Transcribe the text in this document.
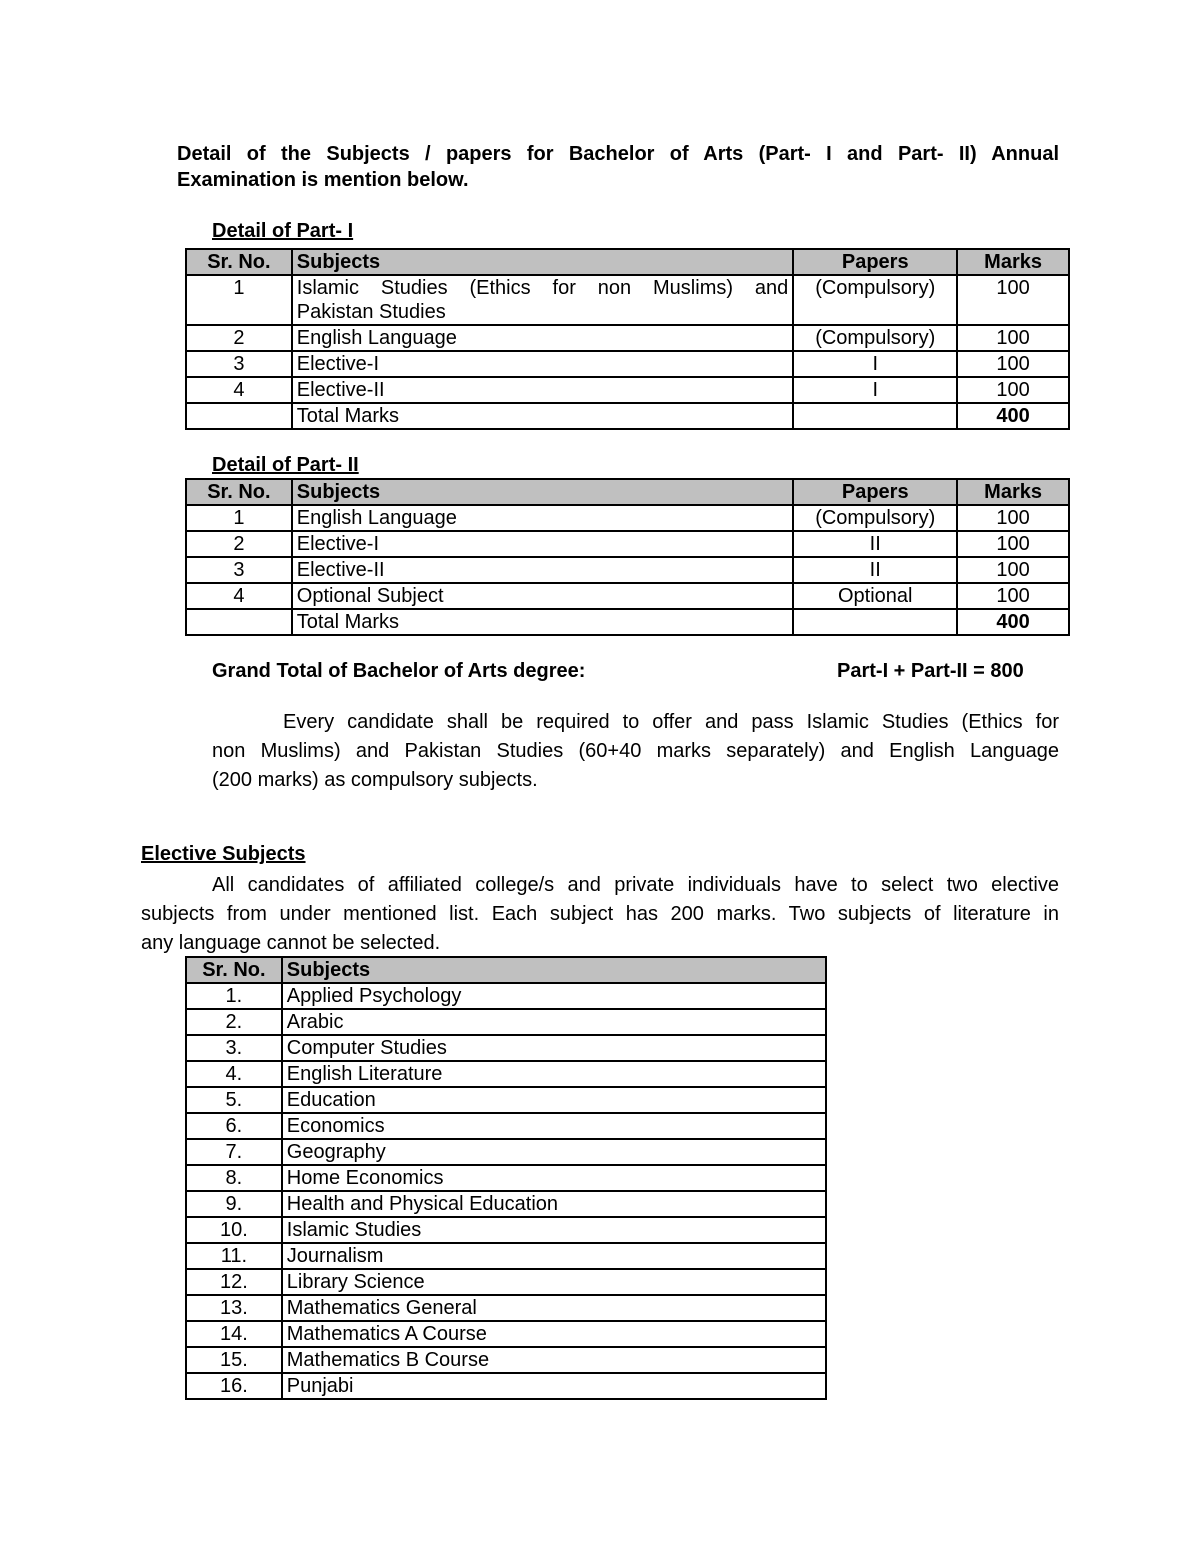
Detail of the Subjects / papers for Bachelor of Arts (Part- I and Part- II) Annual
Examination is mention below.

Detail of Part- I
Sr. No.	Subjects	Papers	Marks
1	Islamic Studies (Ethics for non Muslims) and
Pakistan Studies	(Compulsory)	100
2	English Language	(Compulsory)	100
3	Elective-I	I	100
4	Elective-II	I	100
	Total Marks		400
Detail of Part- II
Sr. No.	Subjects	Papers	Marks
1	English Language	(Compulsory)	100
2	Elective-I	II	100
3	Elective-II	II	100
4	Optional Subject	Optional	100
	Total Marks		400
Grand Total of Bachelor of Arts degree:	Part-I + Part-II = 800

Every candidate shall be required to offer and pass Islamic Studies (Ethics for
non Muslims) and Pakistan Studies (60+40 marks separately) and English Language
(200 marks) as compulsory subjects.

Elective Subjects

All candidates of affiliated college/s and private individuals have to select two elective
subjects from under mentioned list. Each subject has 200 marks. Two subjects of literature in
any language cannot be selected.

Sr. No.	Subjects
1.	Applied Psychology
2.	Arabic
3.	Computer Studies
4.	English Literature
5.	Education
6.	Economics
7.	Geography
8.	Home Economics
9.	Health and Physical Education
10.	Islamic Studies
11.	Journalism
12.	Library Science
13.	Mathematics General
14.	Mathematics A Course
15.	Mathematics B Course
16.	Punjabi
